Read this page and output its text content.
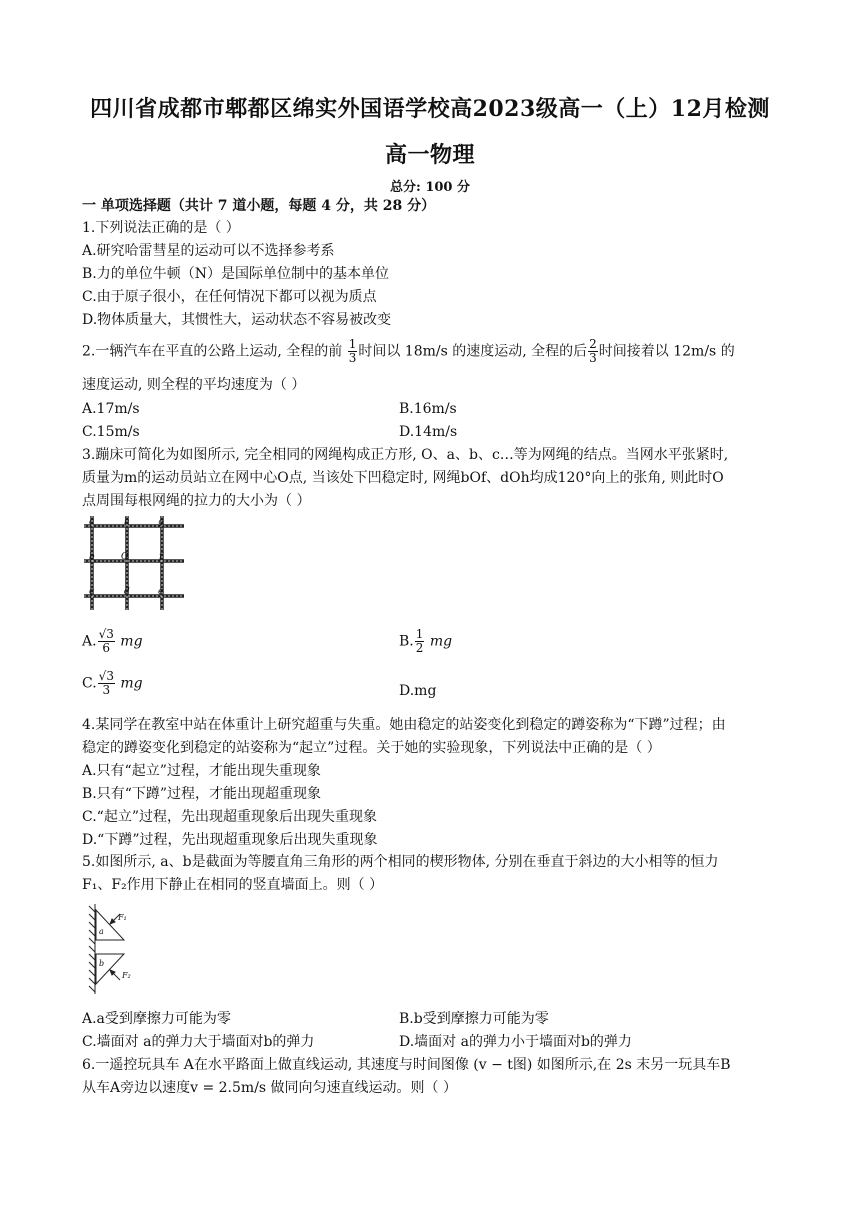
四川省成都市郫都区绵实外国语学校高2023级高一（上）12月检测
高一物理
总分: 100 分
一 单项选择题（共计 7 道小题，每题 4 分，共 28 分）
1.下列说法正确的是（ ）
A.研究哈雷彗星的运动可以不选择参考系
B.力的单位牛顿（N）是国际单位制中的基本单位
C.由于原子很小，在任何情况下都可以视为质点
D.物体质量大，其惯性大，运动状态不容易被改变
2.一辆汽车在平直的公路上运动, 全程的前 $\frac{1}{3}$ 时间以 18m/s 的速度运动, 全程的后 $\frac{2}{3}$ 时间接着以 12m/s 的
速度运动, 则全程的平均速度为（ ）
A.17m/s	B.16m/s
C.15m/s	D.14m/s
3.蹦床可简化为如图所示, 完全相同的网绳构成正方形, O、a、b、c…等为网绳的结点。当网水平张紧时,
质量为m的运动员站立在网中心O点, 当该处下凹稳定时, 网绳bOf、dOh均成120°向上的张角, 则此时O
点周围每根网绳的拉力的大小为（ ）
a	h	g
b	O	f
c	d	e
A. $\frac{√3}{6}$ mg	B. $\frac{1}{2}$ mg
C. $\frac{√3}{3}$ mg	D.mg
4.某同学在教室中站在体重计上研究超重与失重。她由稳定的站姿变化到稳定的蹲姿称为“下蹲”过程；由
稳定的蹲姿变化到稳定的站姿称为“起立”过程。关于她的实验现象，下列说法中正确的是（ ）
A.只有“起立”过程，才能出现失重现象
B.只有“下蹲”过程，才能出现超重现象
C.“起立”过程，先出现超重现象后出现失重现象
D.“下蹲”过程，先出现超重现象后出现失重现象
5.如图所示, a、b是截面为等腰直角三角形的两个相同的楔形物体, 分别在垂直于斜边的大小相等的恒力
F₁、F₂作用下静止在相同的竖直墙面上。则（ ）
F₁
a
b
F₂
A.a受到摩擦力可能为零	B.b受到摩擦力可能为零
C.墙面对 a的弹力大于墙面对b的弹力	D.墙面对 a的弹力小于墙面对b的弹力
6.一遥控玩具车 A在水平路面上做直线运动, 其速度与时间图像 (v − t图) 如图所示,在 2s 末另一玩具车B
从车A旁边以速度v = 2.5m/s 做同向匀速直线运动。则（ ）
